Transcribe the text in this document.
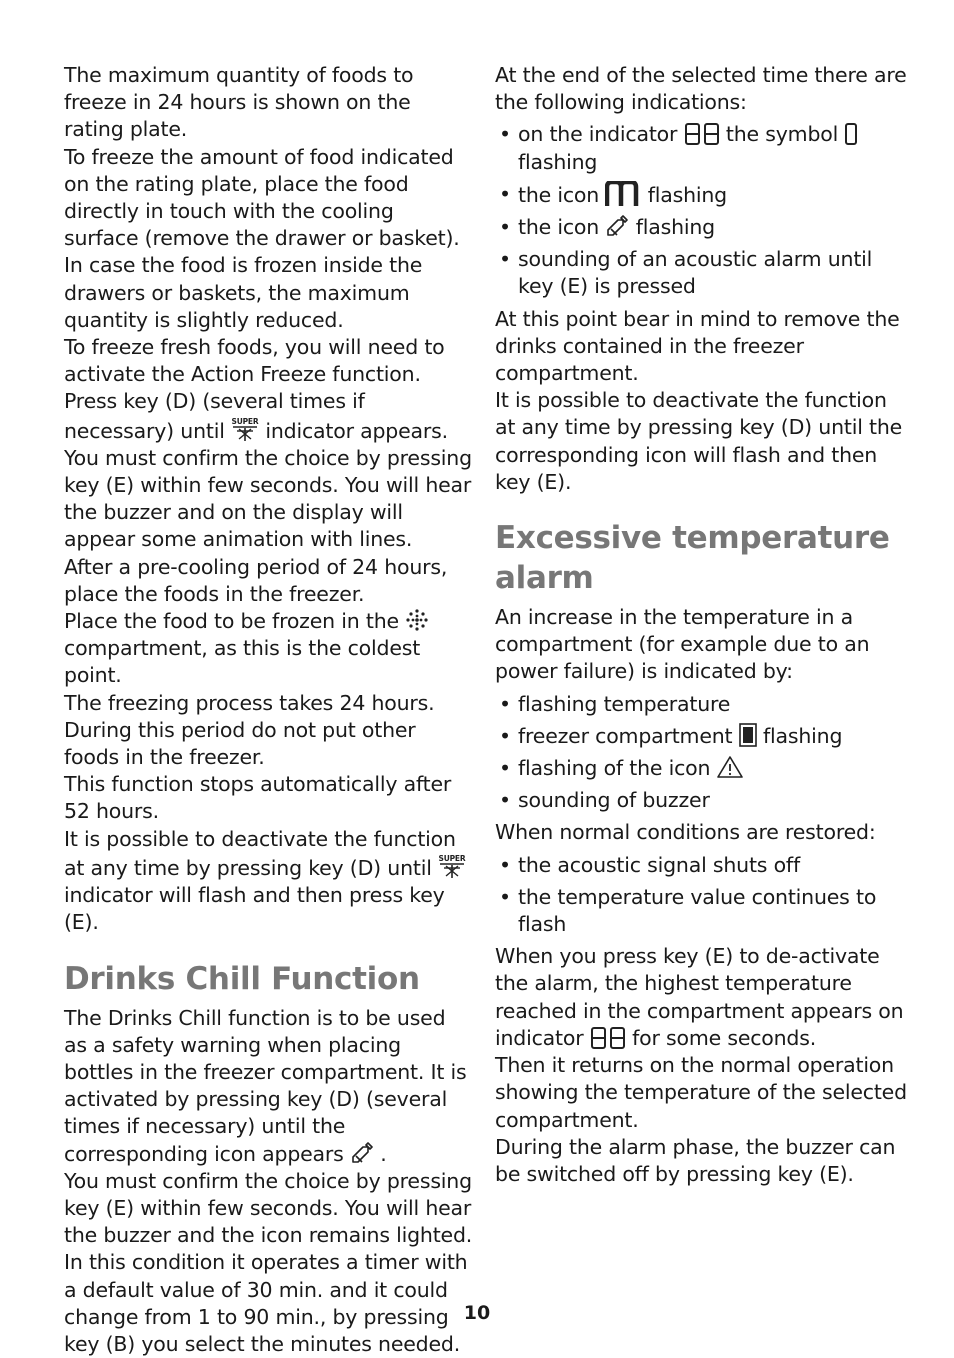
The maximum quantity of foods to freeze in 24 hours is shown on the rating plate.

To freeze the amount of food indicated on the rating plate, place the food directly in touch with the cooling surface (remove the drawer or basket). In case the food is frozen inside the drawers or baskets, the maximum quantity is slightly reduced.

To freeze fresh foods, you will need to activate the Action Freeze function. Press key (D) (several times if necessary) until indicator appears.

You must confirm the choice by pressing key (E) within few seconds. You will hear the buzzer and on the display will appear some animation with lines.

After a pre-cooling period of 24 hours, place the foods in the freezer.

Place the food to be frozen in the  compartment, as this is the coldest point.

The freezing process takes 24 hours. During this period do not put other foods in the freezer.

This function stops automatically after 52 hours.

It is possible to deactivate the function at any time by pressing key (D) until  indicator will flash and then press key (E).

Drinks Chill Function

The Drinks Chill function is to be used as a safety warning when placing bottles in the freezer compartment. It is activated by pressing key (D) (several times if necessary) until the corresponding icon appears .

You must confirm the choice by pressing key (E) within few seconds. You will hear the buzzer and the icon remains lighted.

In this condition it operates a timer with a default value of 30 min. and it could change from 1 to 90 min., by pressing key (B) you select the minutes needed.

At the end of the selected time there are the following indications:

• on the indicator the symbol  flashing
• the icon flashing
• the icon flashing
• sounding of an acoustic alarm until key (E) is pressed

At this point bear in mind to remove the drinks contained in the freezer compartment.

It is possible to deactivate the function at any time by pressing key (D) until the corresponding icon will flash and then key (E).

Excessive temperature alarm

An increase in the temperature in a compartment (for example due to an power failure) is indicated by:

• flashing temperature
• freezer compartment flashing
• flashing of the icon
• sounding of buzzer

When normal conditions are restored:

• the acoustic signal shuts off
• the temperature value continues to flash

When you press key (E) to de-activate the alarm, the highest temperature reached in the compartment appears on indicator for some seconds.

Then it returns on the normal operation showing the temperature of the selected compartment.

During the alarm phase, the buzzer can be switched off by pressing key (E).

10
